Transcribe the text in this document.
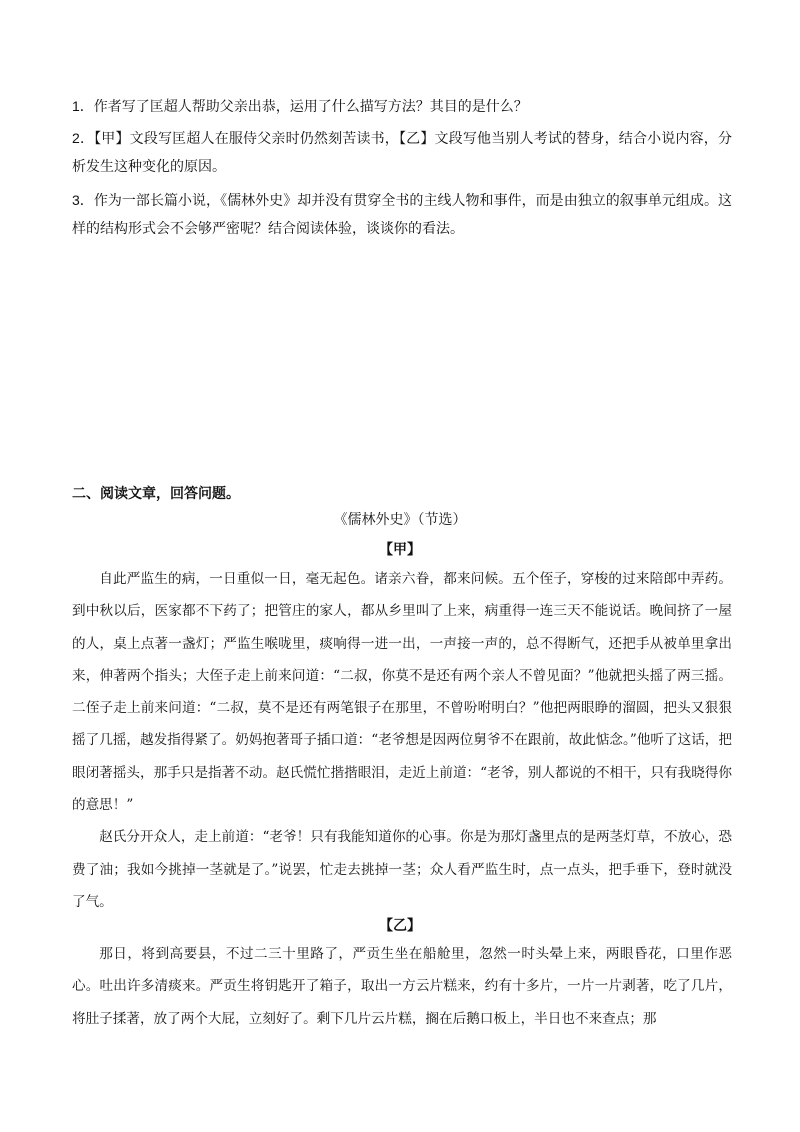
1．作者写了匡超人帮助父亲出恭，运用了什么描写方法？其目的是什么？

2．【甲】文段写匡超人在服侍父亲时仍然刻苦读书，【乙】文段写他当别人考试的替身，结合小说内容，分析发生这种变化的原因。

3．作为一部长篇小说，《儒林外史》却并没有贯穿全书的主线人物和事件，而是由独立的叙事单元组成。这样的结构形式会不会够严密呢？结合阅读体验，谈谈你的看法。

二、阅读文章，回答问题。
《儒林外史》（节选）
【甲】

自此严监生的病，一日重似一日，毫无起色。诸亲六眷，都来问候。五个侄子，穿梭的过来陪郎中弄药。到中秋以后，医家都不下药了；把管庄的家人，都从乡里叫了上来，病重得一连三天不能说话。晚间挤了一屋的人，桌上点著一盏灯；严监生喉咙里，痰响得一进一出，一声接一声的，总不得断气，还把手从被单里拿出来，伸著两个指头；大侄子走上前来问道：“二叔，你莫不是还有两个亲人不曾见面？”他就把头摇了两三摇。二侄子走上前来问道：“二叔，莫不是还有两笔银子在那里，不曾吩咐明白？”他把两眼睁的溜圆，把头又狠狠摇了几摇，越发指得紧了。奶妈抱著哥子插口道：“老爷想是因两位舅爷不在跟前，故此惦念。”他听了这话，把眼闭著摇头，那手只是指著不动。赵氏慌忙揩揩眼泪，走近上前道：“老爷，别人都说的不相干，只有我晓得你的意思！”

赵氏分开众人，走上前道：“老爷！只有我能知道你的心事。你是为那灯盏里点的是两茎灯草，不放心，恐费了油；我如今挑掉一茎就是了。”说罢，忙走去挑掉一茎；众人看严监生时，点一点头，把手垂下，登时就没了气。

【乙】

那日，将到高要县，不过二三十里路了，严贡生坐在船舱里，忽然一时头晕上来，两眼昏花，口里作恶心。吐出许多清痰来。严贡生将钥匙开了箱子，取出一方云片糕来，约有十多片，一片一片剥著，吃了几片，将肚子揉著，放了两个大屁，立刻好了。剩下几片云片糕，搁在后鹅口板上，半日也不来查点；那
